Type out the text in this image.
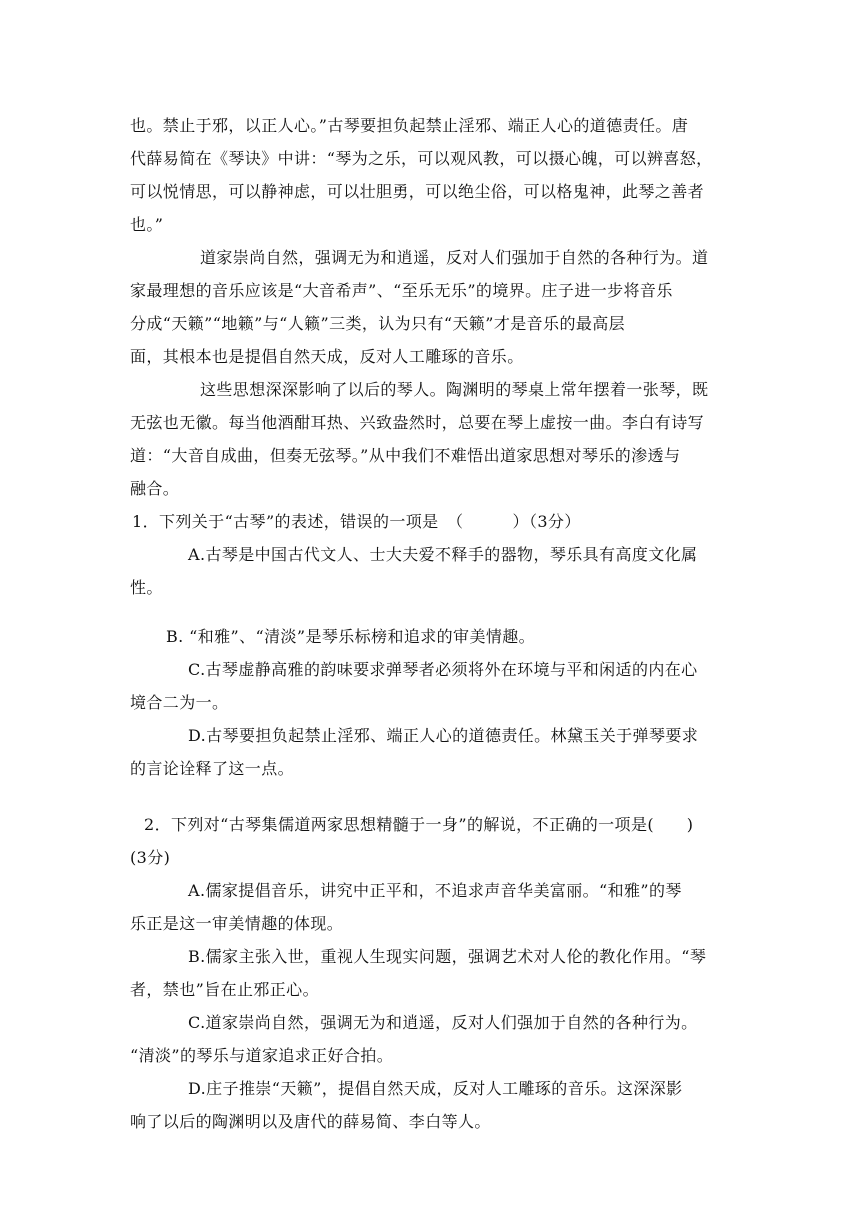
也。禁止于邪，以正人心。”古琴要担负起禁止淫邪、端正人心的道德责任。唐
代薛易简在《琴诀》中讲：“琴为之乐，可以观风教，可以摄心魄，可以辨喜怒，
可以悦情思，可以静神虑，可以壮胆勇，可以绝尘俗，可以格鬼神，此琴之善者
也。”
道家崇尚自然，强调无为和逍遥，反对人们强加于自然的各种行为。道
家最理想的音乐应该是“大音希声”、“至乐无乐”的境界。庄子进一步将音乐
分成“天籁”“地籁”与“人籁”三类，认为只有“天籁”才是音乐的最高层
面，其根本也是提倡自然天成，反对人工雕琢的音乐。
这些思想深深影响了以后的琴人。陶渊明的琴桌上常年摆着一张琴，既
无弦也无徽。每当他酒酣耳热、兴致盎然时，总要在琴上虚按一曲。李白有诗写
道：“大音自成曲，但奏无弦琴。”从中我们不难悟出道家思想对琴乐的渗透与
融合。
1．下列关于“古琴”的表述，错误的一项是　（　　　）（3分）
A.古琴是中国古代文人、士大夫爱不释手的器物，琴乐具有高度文化属
性。
B. “和雅”、“清淡”是琴乐标榜和追求的审美情趣。
C.古琴虚静高雅的韵味要求弹琴者必须将外在环境与平和闲适的内在心
境合二为一。
D.古琴要担负起禁止淫邪、端正人心的道德责任。林黛玉关于弹琴要求
的言论诠释了这一点。
2．下列对“古琴集儒道两家思想精髓于一身”的解说，不正确的一项是(　　)
(3分)
A.儒家提倡音乐，讲究中正平和，不追求声音华美富丽。“和雅”的琴
乐正是这一审美情趣的体现。
B.儒家主张入世，重视人生现实问题，强调艺术对人伦的教化作用。“琴
者，禁也”旨在止邪正心。
C.道家崇尚自然，强调无为和逍遥，反对人们强加于自然的各种行为。
“清淡”的琴乐与道家追求正好合拍。
D.庄子推崇“天籁”，提倡自然天成，反对人工雕琢的音乐。这深深影
响了以后的陶渊明以及唐代的薛易简、李白等人。
